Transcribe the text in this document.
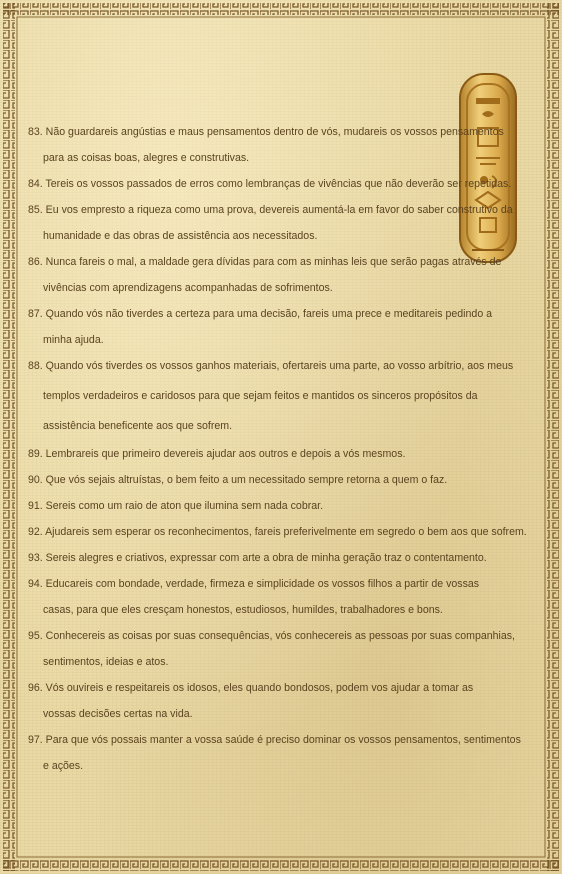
83. Não guardareis angústias e maus pensamentos dentro de vós, mudareis os vossos pensamentos
para as coisas boas, alegres e construtivas.
84. Tereis os vossos passados de erros como lembranças de vivências que não deverão ser repetidas.
85. Eu vos empresto a riqueza como uma prova, devereis aumentá-la em favor do saber construtivo da
humanidade e das obras de assistência aos necessitados.
86. Nunca fareis o mal, a maldade gera dívidas para com as minhas leis que serão pagas através de
vivências com aprendizagens acompanhadas de sofrimentos.
87. Quando vós não tiverdes a certeza para uma decisão, fareis uma prece e meditareis pedindo a
minha ajuda.
88. Quando vós tiverdes os vossos ganhos materiais, ofertareis uma parte, ao vosso arbítrio, aos meus
templos verdadeiros e caridosos para que sejam feitos e mantidos os sinceros propósitos da
assistência beneficente aos que sofrem.
89. Lembrareis que primeiro devereis ajudar aos outros e depois a vós mesmos.
90. Que vós sejais altruístas, o bem feito a um necessitado sempre retorna a quem o faz.
91. Sereis como um raio de aton que ilumina sem nada cobrar.
92. Ajudareis sem esperar os reconhecimentos, fareis preferivelmente em segredo o bem aos que sofrem.
93. Sereis alegres e criativos, expressar com arte a obra de minha geração traz o contentamento.
94. Educareis com bondade, verdade, firmeza e simplicidade os vossos filhos a partir de vossas
casas, para que eles cresçam honestos, estudiosos, humildes, trabalhadores e bons.
95. Conhecereis as coisas por suas consequências, vós conhecereis as pessoas por suas companhias,
sentimentos, ideias e atos.
96. Vós ouvireis e respeitareis os idosos, eles quando bondosos, podem vos ajudar a tomar as
vossas decisões certas na vida.
97. Para que vós possais manter a vossa saúde é preciso dominar os vossos pensamentos, sentimentos
e ações.
